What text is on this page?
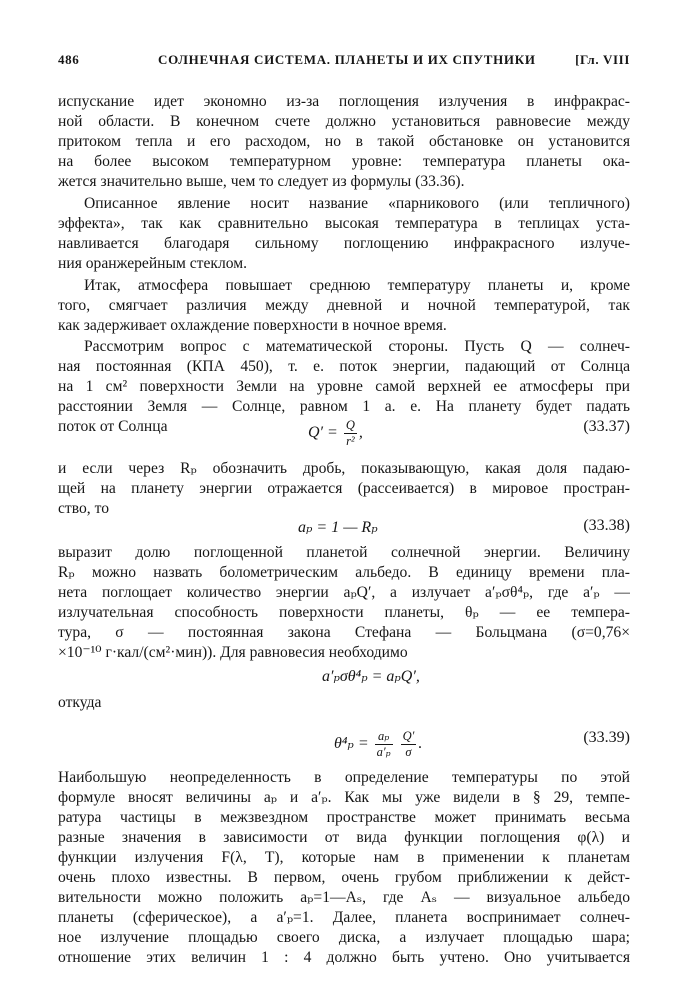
486	СОЛНЕЧНАЯ СИСТЕМА. ПЛАНЕТЫ И ИХ СПУТНИКИ	[Гл. VIII
испускание идет экономно из-за поглощения излучения в инфракрас-
ной области. В конечном счете должно установиться равновесие между
притоком тепла и его расходом, но в такой обстановке он установится
на более высоком температурном уровне: температура планеты ока-
жется значительно выше, чем то следует из формулы (33.36).
Описанное явление носит название «парникового (или тепличного)
эффекта», так как сравнительно высокая температура в теплицах уста-
навливается благодаря сильному поглощению инфракрасного излуче-
ния оранжерейным стеклом.
Итак, атмосфера повышает среднюю температуру планеты и, кроме
того, смягчает различия между дневной и ночной температурой, так
как задерживает охлаждение поверхности в ночное время.
Рассмотрим вопрос с математической стороны. Пусть Q — солнеч-
ная постоянная (КПА 450), т. е. поток энергии, падающий от Солнца
на 1 см² поверхности Земли на уровне самой верхней ее атмосферы при
расстоянии Земля — Солнце, равном 1 а. е. На планету будет падать
поток от Солнца	$Q' = \frac{Q}{\text{r²}}$ ,	(33.37)
и если через Rₚ обозначить дробь, показывающую, какая доля падаю-
щей на планету энергии отражается (рассеивается) в мировое простран-
ство, то
aₚ = 1 — Rₚ	(33.38)
выразит долю поглощенной планетой солнечной энергии. Величину
Rₚ можно назвать болометрическим альбедо. В единицу времени пла-
нета поглощает количество энергии aₚQ′, а излучает a′ₚσθ⁴ₚ, где a′ₚ —
излучательная способность поверхности планеты, θₚ — ее темпера-
тура, σ — постоянная закона Стефана — Больцмана (σ=0,76×
×10⁻¹⁰ г·кал/(см²·мин)). Для равновесия необходимо
a′ₚσθ⁴ₚ = aₚQ′,
откуда
$\theta^4_p = \frac{\text{aₚ}}{\text{a′ₚ}}$
$\frac{Q'}{\sigma}$ .	(33.39)
Наибольшую неопределенность в определение температуры по этой
формуле вносят величины aₚ и a′ₚ. Как мы уже видели в § 29, темпе-
ратура частицы в межзвездном пространстве может принимать весьма
разные значения в зависимости от вида функции поглощения φ(λ) и
функции излучения F(λ, T), которые нам в применении к планетам
очень плохо известны. В первом, очень грубом приближении к дейст-
вительности можно положить aₚ=1—Aₛ, где Aₛ — визуальное альбедо
планеты (сферическое), а a′ₚ=1. Далее, планета воспринимает солнеч-
ное излучение площадью своего диска, а излучает площадью шара;
отношение этих величин 1 : 4 должно быть учтено. Оно учитывается
